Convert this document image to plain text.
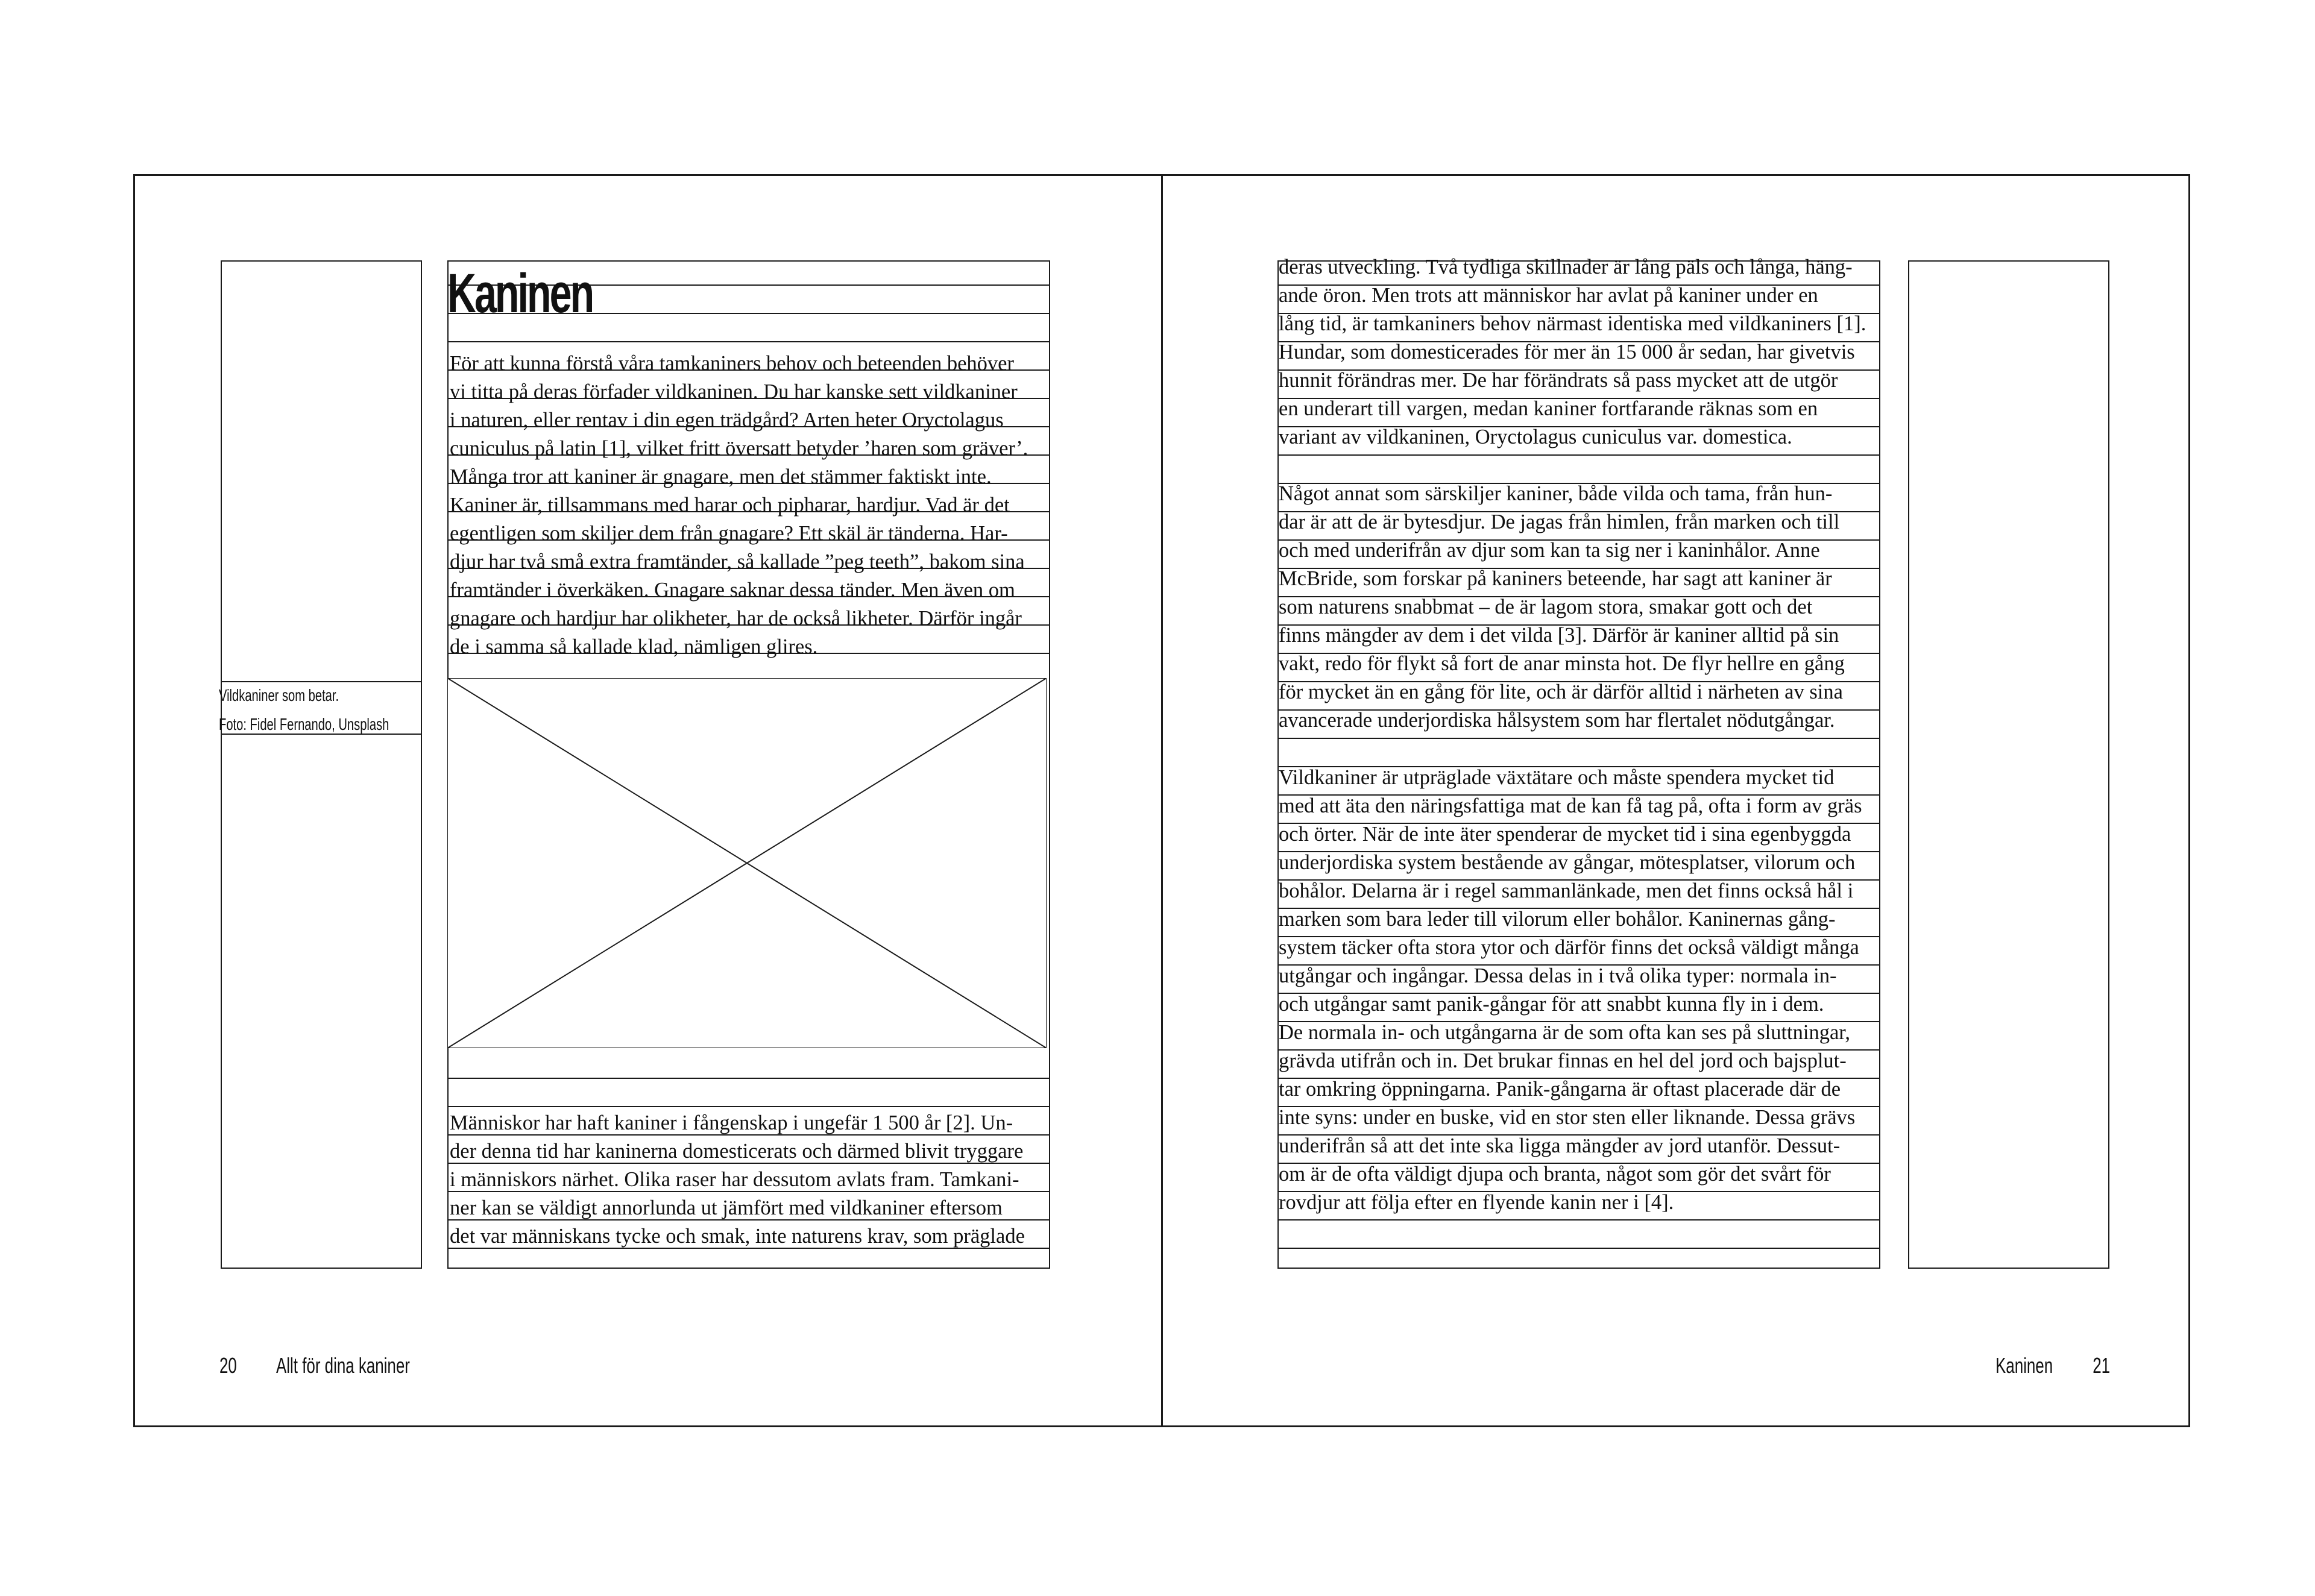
Vildkaniner som betar.
Foto: Fidel Fernando, Unsplash
Kaninen

För att kunna förstå våra tamkaniners behov och beteenden behöver

vi titta på deras förfader vildkaninen. Du har kanske sett vildkaniner

i naturen, eller rentav i din egen trädgård? Arten heter Oryctolagus

cuniculus på latin [1], vilket fritt översatt betyder ’haren som gräver’.

Många tror att kaniner är gnagare, men det stämmer faktiskt inte.

Kaniner är, tillsammans med harar och pipharar, hardjur. Vad är det

egentligen som skiljer dem från gnagare? Ett skäl är tänderna. Har-

djur har två små extra framtänder, så kallade ”peg teeth”, bakom sina

framtänder i överkäken. Gnagare saknar dessa tänder. Men även om

gnagare och hardjur har olikheter, har de också likheter. Därför ingår

de i samma så kallade klad, nämligen glires.

Människor har haft kaniner i fångenskap i ungefär 1 500 år [2]. Un-

der denna tid har kaninerna domesticerats och därmed blivit tryggare

i människors närhet. Olika raser har dessutom avlats fram. Tamkani-

ner kan se väldigt annorlunda ut jämfört med vildkaniner eftersom

det var människans tycke och smak, inte naturens krav, som präglade

20 Allt för dina kaniner

deras utveckling. Två tydliga skillnader är lång päls och långa, häng-

ande öron. Men trots att människor har avlat på kaniner under en

lång tid, är tamkaniners behov närmast identiska med vildkaniners [1].

Hundar, som domesticerades för mer än 15 000 år sedan, har givetvis

hunnit förändras mer. De har förändrats så pass mycket att de utgör

en underart till vargen, medan kaniner fortfarande räknas som en

variant av vildkaninen, Oryctolagus cuniculus var. domestica.

Något annat som särskiljer kaniner, både vilda och tama, från hun-

dar är att de är bytesdjur. De jagas från himlen, från marken och till

och med underifrån av djur som kan ta sig ner i kaninhålor. Anne

McBride, som forskar på kaniners beteende, har sagt att kaniner är

som naturens snabbmat – de är lagom stora, smakar gott och det

finns mängder av dem i det vilda [3]. Därför är kaniner alltid på sin

vakt, redo för flykt så fort de anar minsta hot. De flyr hellre en gång

för mycket än en gång för lite, och är därför alltid i närheten av sina

avancerade underjordiska hålsystem som har flertalet nödutgångar.

Vildkaniner är utpräglade växtätare och måste spendera mycket tid

med att äta den näringsfattiga mat de kan få tag på, ofta i form av gräs

och örter. När de inte äter spenderar de mycket tid i sina egenbyggda

underjordiska system bestående av gångar, mötesplatser, vilorum och

bohålor. Delarna är i regel sammanlänkade, men det finns också hål i

marken som bara leder till vilorum eller bohålor. Kaninernas gång-

system täcker ofta stora ytor och därför finns det också väldigt många

utgångar och ingångar. Dessa delas in i två olika typer: normala in-

och utgångar samt panik-gångar för att snabbt kunna fly in i dem.

De normala in- och utgångarna är de som ofta kan ses på sluttningar,

grävda utifrån och in. Det brukar finnas en hel del jord och bajsplut-

tar omkring öppningarna. Panik-gångarna är oftast placerade där de

inte syns: under en buske, vid en stor sten eller liknande. Dessa grävs

underifrån så att det inte ska ligga mängder av jord utanför. Dessut-

om är de ofta väldigt djupa och branta, något som gör det svårt för

rovdjur att följa efter en flyende kanin ner i [4].

Kaninen 21
